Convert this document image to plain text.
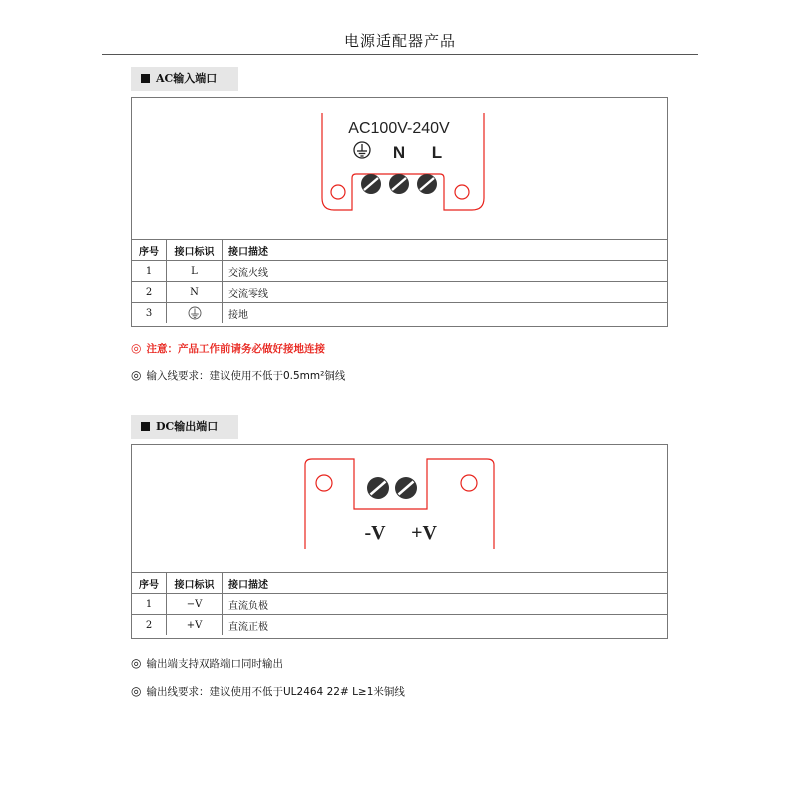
电源适配器产品
AC输入端口
AC100V-240V
N L
序号	接口标识	接口描述
1	L	交流火线
2	N	交流零线
3		接地
◎ 注意：产品工作前请务必做好接地连接
◎ 输入线要求：建议使用不低于0.5mm²铜线
DC输出端口
-V +V
序号	接口标识	接口描述
1	−V	直流负极
2	+V	直流正极
◎ 输出端支持双路端口同时输出
◎ 输出线要求：建议使用不低于UL2464 22# L≥1米铜线
